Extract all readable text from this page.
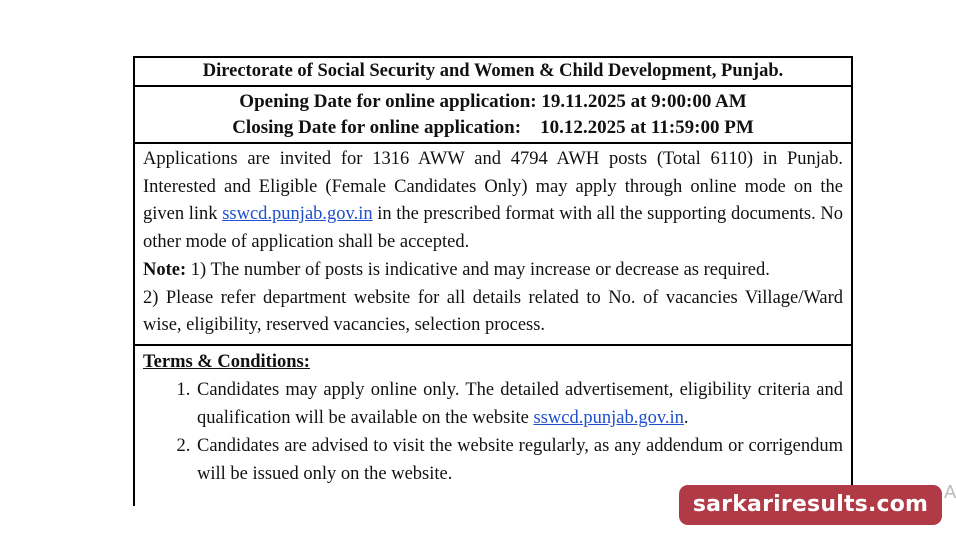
Directorate of Social Security and Women & Child Development, Punjab.
Opening Date for online application: 19.11.2025 at 9:00:00 AM
Closing Date for online application:    10.12.2025 at 11:59:00 PM

Applications are invited for 1316 AWW and 4794 AWH posts (Total 6110) in Punjab. Interested and Eligible (Female Candidates Only) may apply through online mode on the given link sswcd.punjab.gov.in in the prescribed format with all the supporting documents. No other mode of application shall be accepted.

Note: 1) The number of posts is indicative and may increase or decrease as required.

2) Please refer department website for all details related to No. of vacancies Village/Ward wise, eligibility, reserved vacancies, selection process.

Terms & Conditions:

1. Candidates may apply online only. The detailed advertisement, eligibility criteria and qualification will be available on the website sswcd.punjab.gov.in.
2. Candidates are advised to visit the website regularly, as any addendum or corrigendum will be issued only on the website.
sarkariresults.com A
